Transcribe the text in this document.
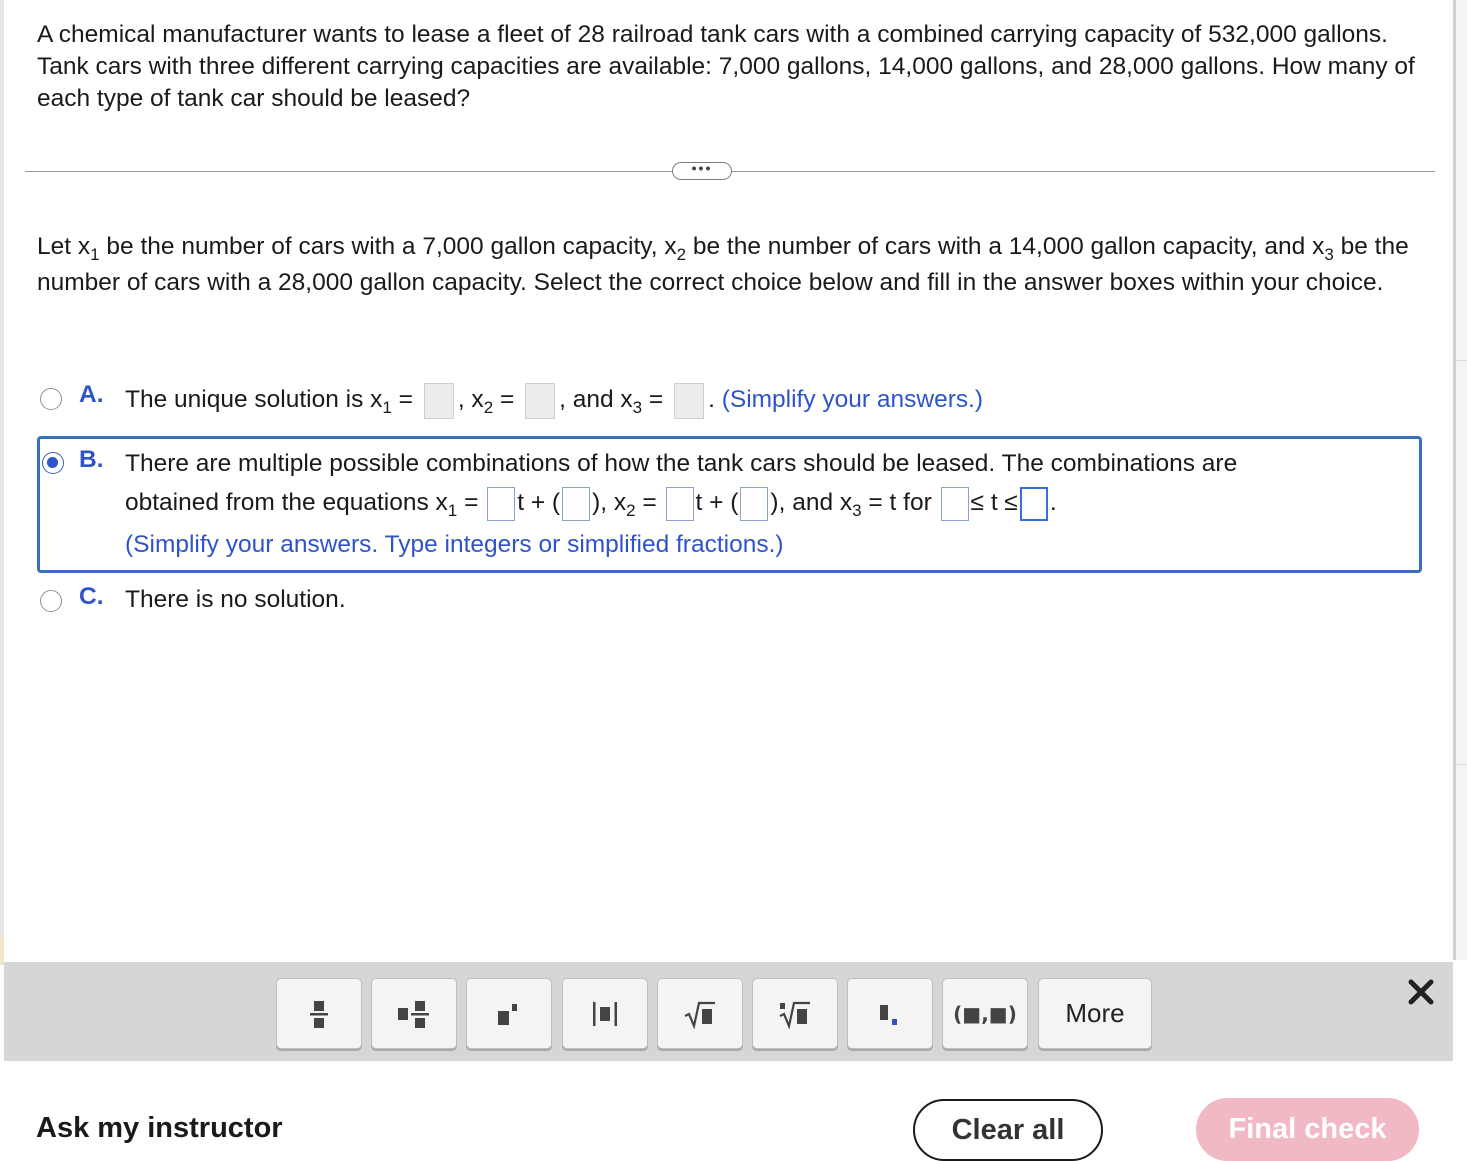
A chemical manufacturer wants to lease a fleet of 28 railroad tank cars with a combined carrying capacity of 532,000 gallons. Tank cars with three different carrying capacities are available: 7,000 gallons, 14,000 gallons, and 28,000 gallons. How many of each type of tank car should be leased?

•••

Let $x_1$ be the number of cars with a 7,000 gallon capacity, $x_2$ be the number of cars with a 14,000 gallon capacity, and $x_3$ be the number of cars with a 28,000 gallon capacity. Select the correct choice below and fill in the answer boxes within your choice.

A. The unique solution is $x_1$ = , $x_2$ = , and $x_3$ = . (Simplify your answers.)
B. There are multiple possible combinations of how the tank cars should be leased. The combinations are
obtained from the equations $x_1 = t$ + ( ), $x_2 = t$ + ( ), and $x_3 = t$ for ≤ t ≤ .
(Simplify your answers. Type integers or simplified fractions.)
C. There is no solution.
(■,■)	More
Ask my instructor	Clear all	Final check
